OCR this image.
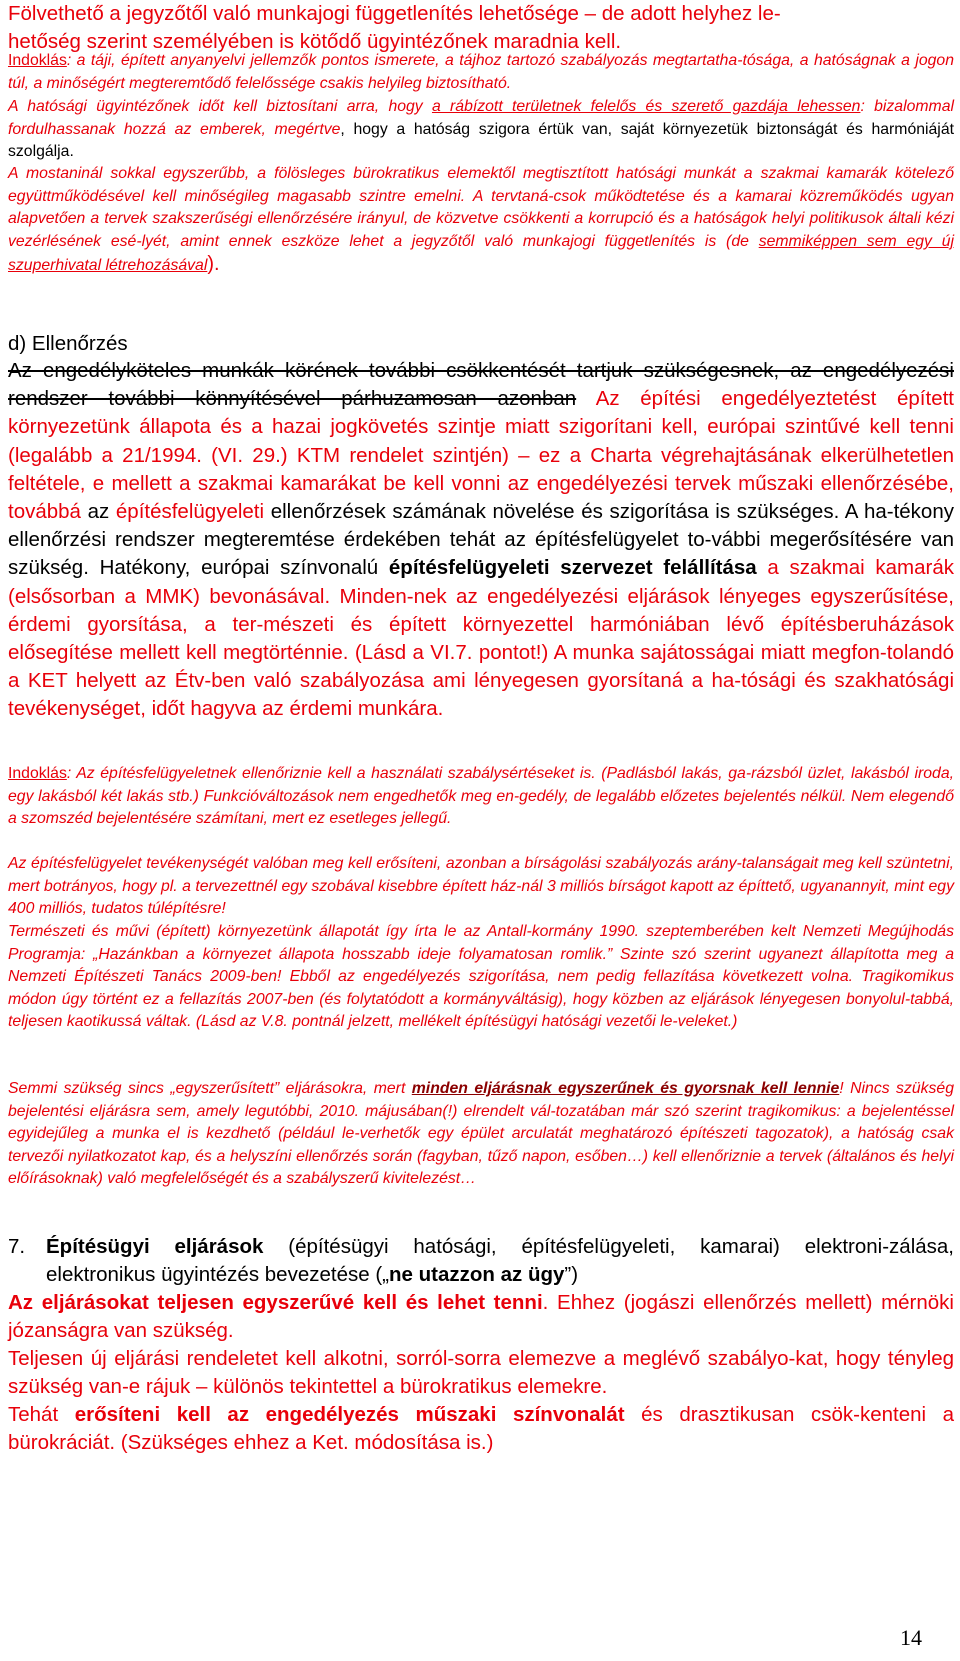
Fölvethető a jegyzőtől való munkajogi függetlenítés lehetősége – de adott helyhez le-
hetőség szerint személyében is kötődő ügyintézőnek maradnia kell.

Indoklás: a táji, épített anyanyelvi jellemzők pontos ismerete, a tájhoz tartozó szabályozás megtartatha-tósága, a hatóságnak a jogon túl, a minőségért megteremtődő felelőssége csakis helyileg biztosítható.

A hatósági ügyintézőnek időt kell biztosítani arra, hogy a rábízott területnek felelős és szerető gazdája lehessen: bizalommal fordulhassanak hozzá az emberek, megértve, hogy a hatóság szigora értük van, saját környezetük biztonságát és harmóniáját szolgálja.

A mostaninál sokkal egyszerűbb, a fölösleges bürokratikus elemektől megtisztított hatósági munkát a szakmai kamarák kötelező együttműködésével kell minőségileg magasabb szintre emelni. A tervtaná-csok működtetése és a kamarai közreműködés ugyan alapvetően a tervek szakszerűségi ellenőrzésére irányul, de közvetve csökkenti a korrupció és a hatóságok helyi politikusok általi kézi vezérlésének esé-lyét, amint ennek eszköze lehet a jegyzőtől való munkajogi függetlenítés is (de semmiképpen sem egy új szuperhivatal létrehozásával).

d) Ellenőrzés

Az engedélyköteles munkák körének további csökkentését tartjuk szükségesnek, az engedélyezési rendszer további könnyítésével párhuzamosan azonban Az építési engedélyeztetést épített környezetünk állapota és a hazai jogkövetés szintje miatt szigorítani kell, európai szintűvé kell tenni (legalább a 21/1994. (VI. 29.) KTM rendelet szintjén) – ez a Charta végrehajtásának elkerülhetetlen feltétele, e mellett a szakmai kamarákat be kell vonni az engedélyezési tervek műszaki ellenőrzésébe, továbbá az építésfelügyeleti ellenőrzések számának növelése és szigorítása is szükséges. A ha-tékony ellenőrzési rendszer megteremtése érdekében tehát az építésfelügyelet to-vábbi megerősítésére van szükség. Hatékony, európai színvonalú építésfelügyeleti szervezet felállítása a szakmai kamarák (elsősorban a MMK) bevonásával. Minden-nek az engedélyezési eljárások lényeges egyszerűsítése, érdemi gyorsítása, a ter-mészeti és épített környezettel harmóniában lévő építésberuházások elősegítése mellett kell megtörténnie. (Lásd a VI.7. pontot!) A munka sajátosságai miatt megfon-tolandó a KET helyett az Étv-ben való szabályozása ami lényegesen gyorsítaná a ha-tósági és szakhatósági tevékenységet, időt hagyva az érdemi munkára.

Indoklás: Az építésfelügyeletnek ellenőriznie kell a használati szabálysértéseket is. (Padlásból lakás, ga-rázsból üzlet, lakásból iroda, egy lakásból két lakás stb.) Funkcióváltozások nem engedhetők meg en-gedély, de legalább előzetes bejelentés nélkül. Nem elegendő a szomszéd bejelentésére számítani, mert ez esetleges jellegű.

Az építésfelügyelet tevékenységét valóban meg kell erősíteni, azonban a bírságolási szabályozás arány-talanságait meg kell szüntetni, mert botrányos, hogy pl. a tervezettnél egy szobával kisebbre épített ház-nál 3 milliós bírságot kapott az építtető, ugyanannyit, mint egy 400 milliós, tudatos túlépítésre!

Természeti és művi (épített) környezetünk állapotát így írta le az Antall-kormány 1990. szeptemberében kelt Nemzeti Megújhodás Programja: „Hazánkban a környezet állapota hosszabb ideje folyamatosan romlik.” Szinte szó szerint ugyanezt állapította meg a Nemzeti Építészeti Tanács 2009-ben! Ebből az engedélyezés szigorítása, nem pedig fellazítása következett volna. Tragikomikus módon úgy történt ez a fellazítás 2007-ben (és folytatódott a kormányváltásig), hogy közben az eljárások lényegesen bonyolul-tabbá, teljesen kaotikussá váltak. (Lásd az V.8. pontnál jelzett, mellékelt építésügyi hatósági vezetői le-veleket.)

Semmi szükség sincs „egyszerűsített” eljárásokra, mert minden eljárásnak egyszerűnek és gyorsnak kell lennie! Nincs szükség bejelentési eljárásra sem, amely legutóbbi, 2010. májusában(!) elrendelt vál-tozatában már szó szerint tragikomikus: a bejelentéssel egyidejűleg a munka el is kezdhető (például le-verhetők egy épület arculatát meghatározó építészeti tagozatok), a hatóság csak tervezői nyilatkozatot kap, és a helyszíni ellenőrzés során (fagyban, tűző napon, esőben…) kell ellenőriznie a tervek (általános és helyi előírásoknak) való megfelelőségét és a szabályszerű kivitelezést…

7.	Építésügyi eljárások (építésügyi hatósági, építésfelügyeleti, kamarai) elektroni-zálása, elektronikus ügyintézés bevezetése („ne utazzon az ügy”)

Az eljárásokat teljesen egyszerűvé kell és lehet tenni. Ehhez (jogászi ellenőrzés mellett) mérnöki józanságra van szükség.

Teljesen új eljárási rendeletet kell alkotni, sorról-sorra elemezve a meglévő szabályo-kat, hogy tényleg szükség van-e rájuk – különös tekintettel a bürokratikus elemekre.

Tehát erősíteni kell az engedélyezés műszaki színvonalát és drasztikusan csök-kenteni a bürokráciát. (Szükséges ehhez a Ket. módosítása is.)

14
